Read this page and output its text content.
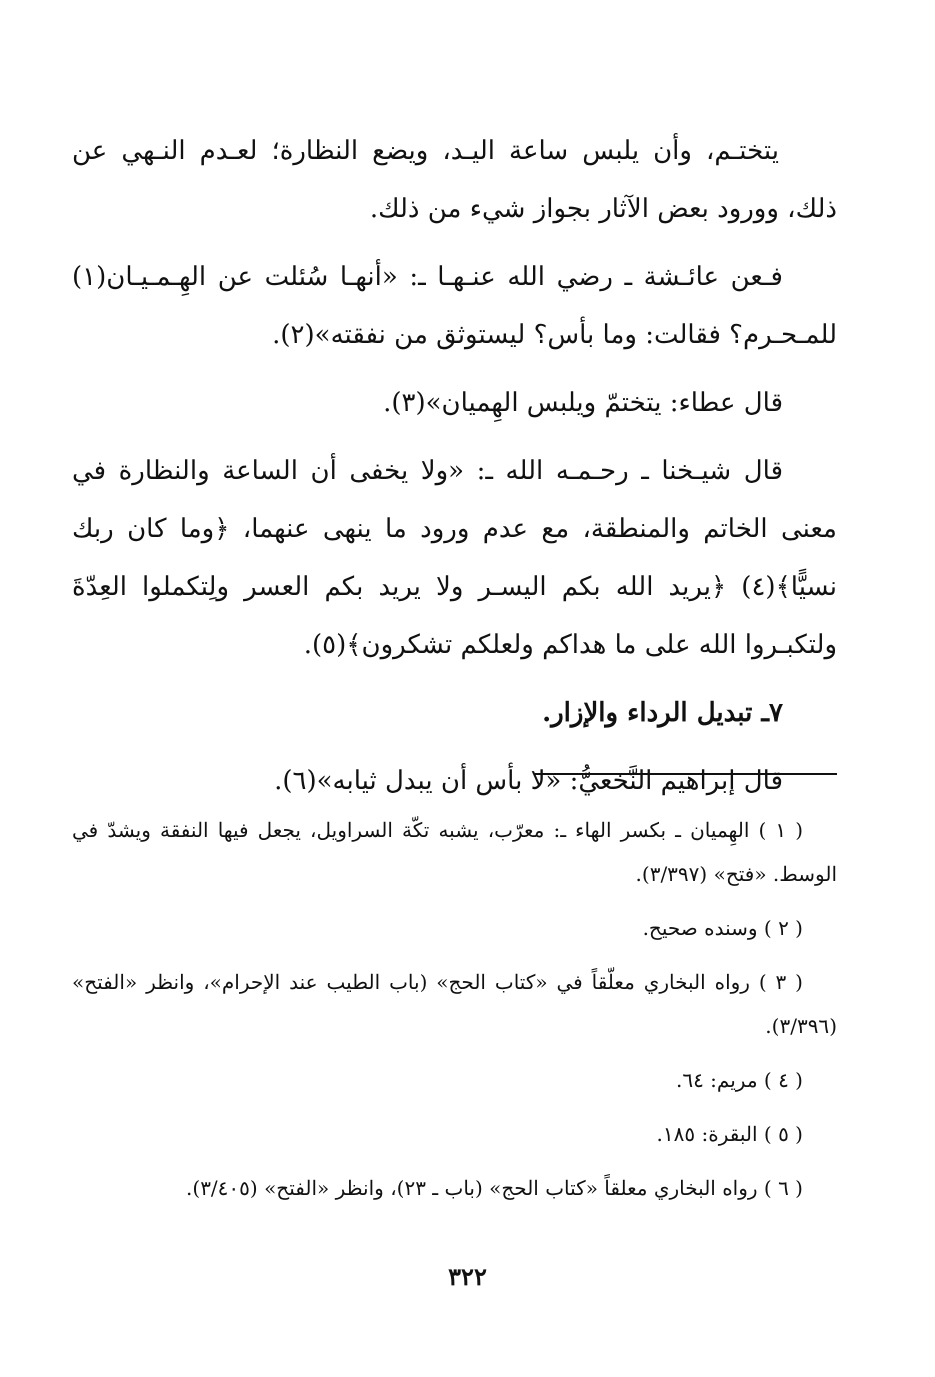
يتختـم، وأن يلبس ساعة اليـد، ويضع النظارة؛ لعـدم النـهي عن ذلك، وورود بعض الآثار بجواز شيء من ذلك.

فـعن عائـشة ـ رضي الله عنـهـا ـ: «أنهـا سُئلت عن الهِـمـيـان(١) للمـحـرم؟ فقالت: وما بأس؟ ليستوثق من نفقته»(٢).

قال عطاء: يتختمّ ويلبس الهِميان»(٣).

قال شيـخنا ـ رحـمـه الله ـ: «ولا يخفى أن الساعة والنظارة في معنى الخاتم والمنطقة، مع عدم ورود ما ينهى عنهما، ﴿وما كان ربك نسيًّا﴾(٤) ﴿يريد الله بكم اليسـر ولا يريد بكم العسر ولِتكملوا العِدّةَ ولتكبـروا الله على ما هداكم ولعلكم تشكرون﴾(٥).

٧ـ تبديل الرداء والإزار.

قال إبراهيم النَّخعيُّ: «لا بأس أن يبدل ثيابه»(٦).

( ١ ) الهِميان ـ بكسر الهاء ـ: معرّب، يشبه تكّة السراويل، يجعل فيها النفقة ويشدّ في الوسط. «فتح» (٣/٣٩٧).

( ٢ ) وسنده صحيح.

( ٣ ) رواه البخاري معلّقاً في «كتاب الحج» (باب الطيب عند الإحرام»، وانظر «الفتح» (٣/٣٩٦).

( ٤ ) مريم: ٦٤.

( ٥ ) البقرة: ١٨٥.

( ٦ ) رواه البخاري معلقاً «كتاب الحج» (باب ـ ٢٣)، وانظر «الفتح» (٣/٤٠٥).

٣٢٢
